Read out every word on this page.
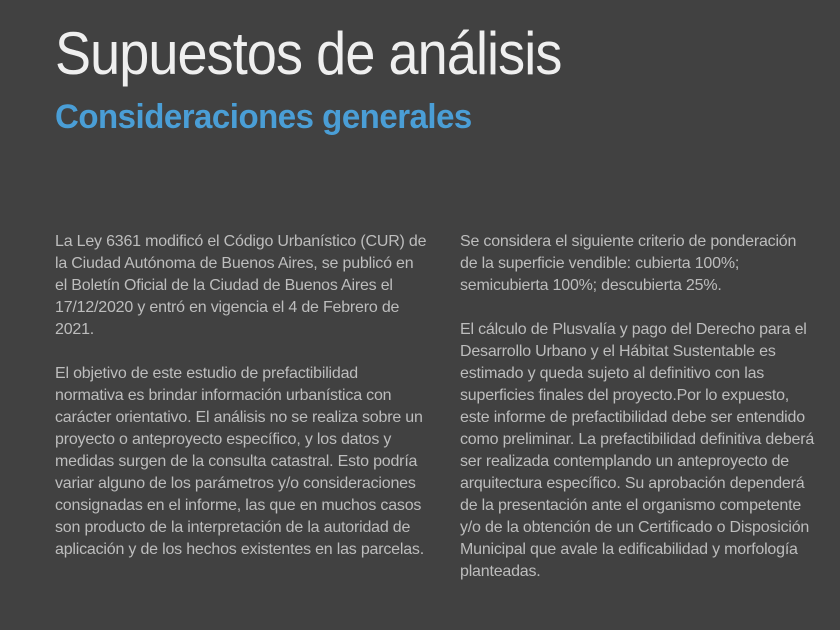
Supuestos de análisis
Consideraciones generales

La Ley 6361 modificó el Código Urbanístico (CUR) de la Ciudad Autónoma de Buenos Aires, se publicó en el Boletín Oficial de la Ciudad de Buenos Aires el 17/12/2020 y entró en vigencia el 4 de Febrero de 2021.

El objetivo de este estudio de prefactibilidad normativa es brindar información urbanística con carácter orientativo. El análisis no se realiza sobre un proyecto o anteproyecto específico, y los datos y medidas surgen de la consulta catastral. Esto podría variar alguno de los parámetros y/o consideraciones consignadas en el informe, las que en muchos casos son producto de la interpretación de la autoridad de aplicación y de los hechos existentes en las parcelas.

Se considera el siguiente criterio de ponderación de la superficie vendible: cubierta 100%; semicubierta 100%; descubierta 25%.

El cálculo de Plusvalía y pago del Derecho para el Desarrollo Urbano y el Hábitat Sustentable es estimado y queda sujeto al definitivo con las superficies finales del proyecto.Por lo expuesto, este informe de prefactibilidad debe ser entendido como preliminar. La prefactibilidad definitiva deberá ser realizada contemplando un anteproyecto de arquitectura específico. Su aprobación dependerá de la presentación ante el organismo competente y/o de la obtención de un Certificado o Disposición Municipal que avale la edificabilidad y morfología planteadas.
